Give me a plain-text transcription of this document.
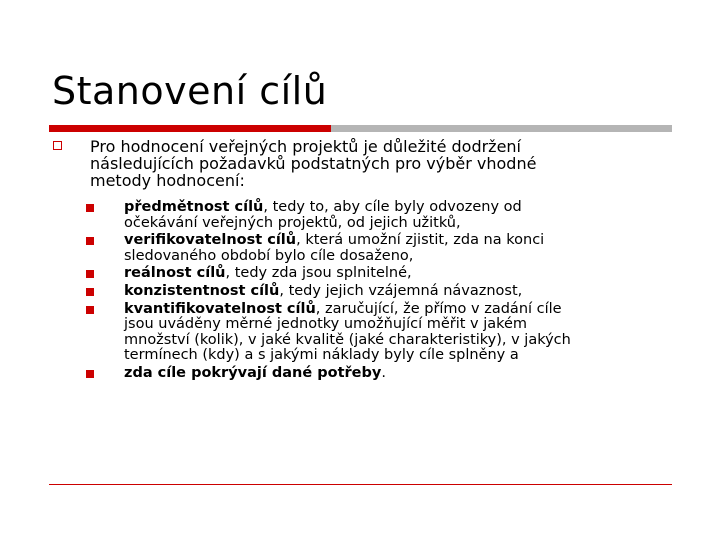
Stanovení cílů

Pro hodnocení veřejných projektů je důležité dodržení
následujících požadavků podstatných pro výběr vhodné
metody hodnocení:

předmětnost cílů, tedy to, aby cíle byly odvozeny od
očekávání veřejných projektů, od jejich užitků,
verifikovatelnost cílů, která umožní zjistit, zda na konci
sledovaného období bylo cíle dosaženo,
reálnost cílů, tedy zda jsou splnitelné,
konzistentnost cílů, tedy jejich vzájemná návaznost,
kvantifikovatelnost cílů, zaručující, že přímo v zadání cíle
jsou uváděny měrné jednotky umožňující měřit v jakém
množství (kolik), v jaké kvalitě (jaké charakteristiky), v jakých
termínech (kdy) a s jakými náklady byly cíle splněny a
zda cíle pokrývají dané potřeby.
